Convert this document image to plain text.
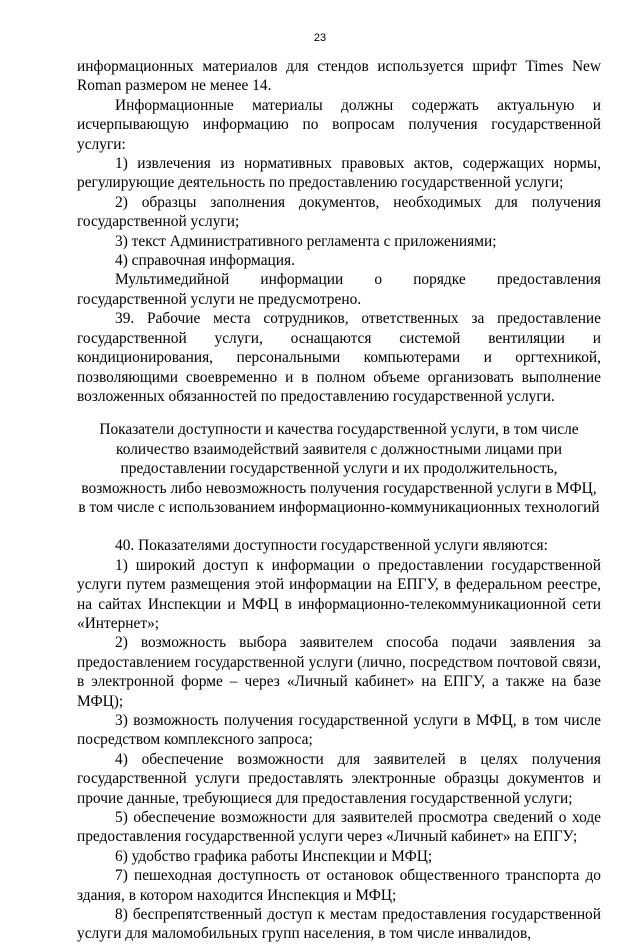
23

информационных материалов для стендов используется шрифт Times New Roman размером не менее 14.

Информационные материалы должны содержать актуальную и исчерпывающую информацию по вопросам получения государственной услуги:

1) извлечения из нормативных правовых актов, содержащих нормы, регулирующие деятельность по предоставлению государственной услуги;

2) образцы заполнения документов, необходимых для получения государственной услуги;

3) текст Административного регламента с приложениями;

4) справочная информация.

Мультимедийной информации о порядке предоставления государственной услуги не предусмотрено.

39. Рабочие места сотрудников, ответственных за предоставление государственной услуги, оснащаются системой вентиляции и кондиционирования, персональными компьютерами и оргтехникой, позволяющими своевременно и в полном объеме организовать выполнение возложенных обязанностей по предоставлению государственной услуги.

Показатели доступности и качества государственной услуги, в том числе количество взаимодействий заявителя с должностными лицами при предоставлении государственной услуги и их продолжительность, возможность либо невозможность получения государственной услуги в МФЦ, в том числе с использованием информационно-коммуникационных технологий

40. Показателями доступности государственной услуги являются:

1) широкий доступ к информации о предоставлении государственной услуги путем размещения этой информации на ЕПГУ, в федеральном реестре, на сайтах Инспекции и МФЦ в информационно-телекоммуникационной сети «Интернет»;

2) возможность выбора заявителем способа подачи заявления за предоставлением государственной услуги (лично, посредством почтовой связи, в электронной форме – через «Личный кабинет» на ЕПГУ, а также на базе МФЦ);

3) возможность получения государственной услуги в МФЦ, в том числе посредством комплексного запроса;

4) обеспечение возможности для заявителей в целях получения государственной услуги предоставлять электронные образцы документов и прочие данные, требующиеся для предоставления государственной услуги;

5) обеспечение возможности для заявителей просмотра сведений о ходе предоставления государственной услуги через «Личный кабинет» на ЕПГУ;

6) удобство графика работы Инспекции и МФЦ;

7) пешеходная доступность от остановок общественного транспорта до здания, в котором находится Инспекция и МФЦ;

8) беспрепятственный доступ к местам предоставления государственной услуги для маломобильных групп населения, в том числе инвалидов,
